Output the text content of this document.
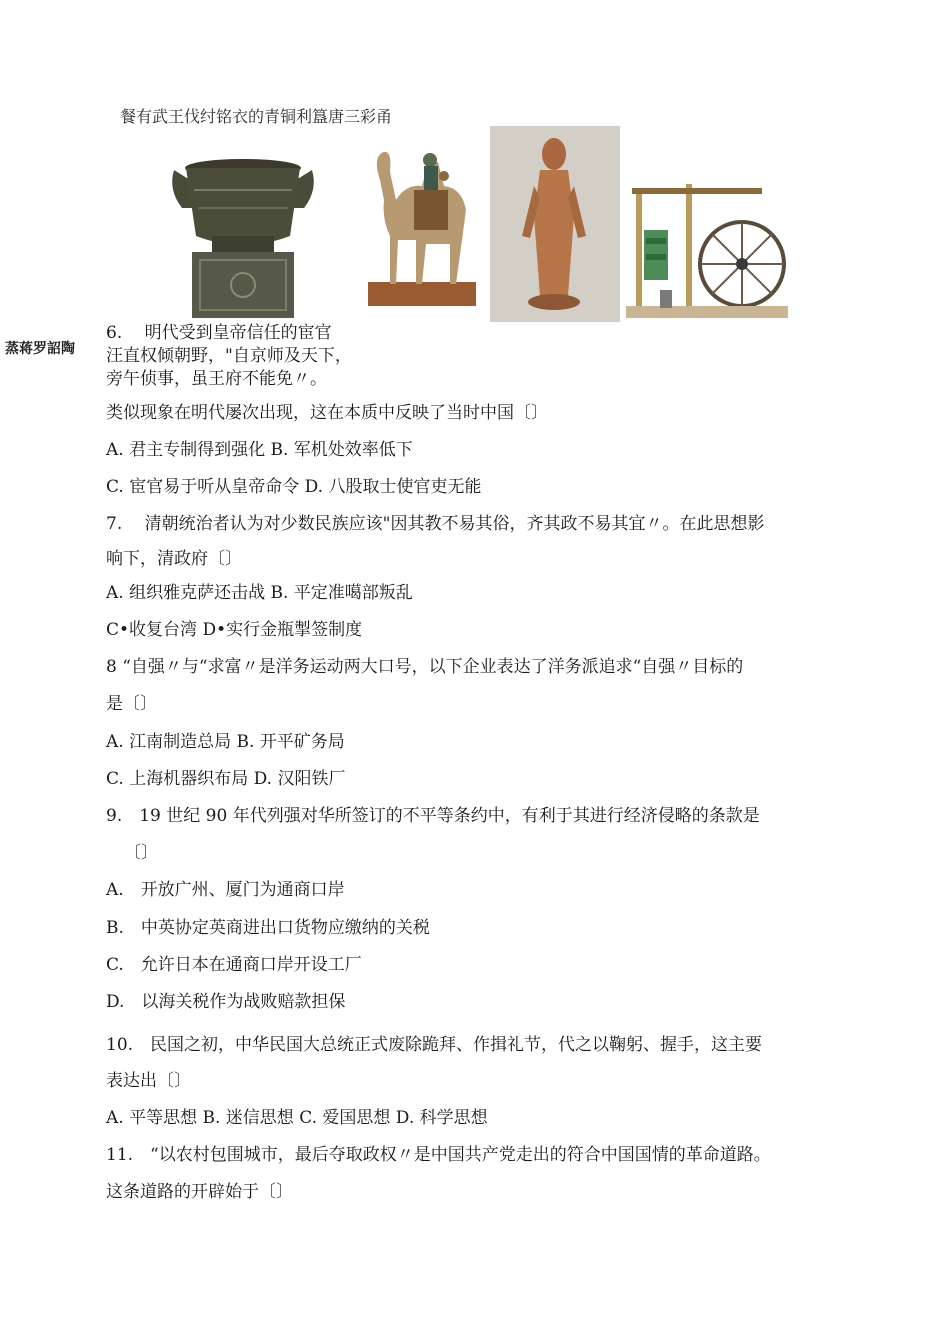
餐有武王伐纣铭衣的青铜利簋唐三彩甬
蒸蒋罗詔陶
6.　 明代受到皇帝信任的宦官
汪直权倾朝野，"自京师及天下，
旁午侦事，虽王府不能免〃。
类似现象在明代屡次出现，这在本质中反映了当时中国〔〕
A. 君主专制得到强化 B. 军机处效率低下
C. 宦官易于听从皇帝命令 D. 八股取士使官吏无能
7.　 清朝统治者认为对少数民族应该"因其教不易其俗，齐其政不易其宜〃。在此思想影
响下，清政府〔〕
A. 组织雅克萨还击战 B. 平定准噶部叛乱
C•收复台湾 D•实行金瓶掣签制度
8 “自强〃与“求富〃是洋务运动两大口号，以下企业表达了洋务派追求“自强〃目标的
是〔〕
A. 江南制造总局 B. 开平矿务局
C. 上海机器织布局 D. 汉阳铁厂
9.　19 世纪 90 年代列强对华所签订的不平等条约中，有利于其进行经济侵略的条款是
〔〕
A.　开放广州、厦门为通商口岸
B.　中英协定英商进出口货物应缴纳的关税
C.　允许日本在通商口岸开设工厂
D.　以海关税作为战败赔款担保
10.　民国之初，中华民国大总统正式废除跪拜、作揖礼节，代之以鞠躬、握手，这主要
表达出〔〕
A. 平等思想 B. 迷信思想 C. 爱国思想 D. 科学思想
11.　“以农村包围城市，最后夺取政权〃是中国共产党走出的符合中国国情的革命道路。
这条道路的开辟始于〔〕
